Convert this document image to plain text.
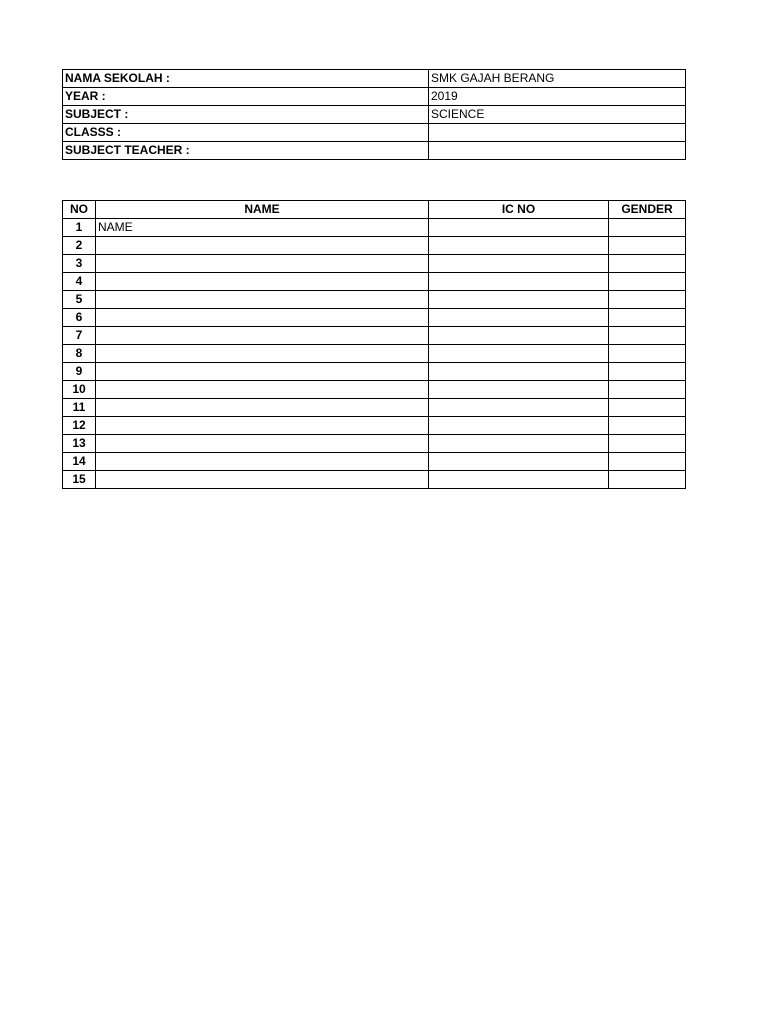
NAMA SEKOLAH :	SMK GAJAH BERANG
YEAR :	2019
SUBJECT :	SCIENCE
CLASSS :	
SUBJECT TEACHER :	
NO	NAME	IC NO	GENDER
1	NAME		
2			
3			
4			
5			
6			
7			
8			
9			
10			
11			
12			
13			
14			
15			
